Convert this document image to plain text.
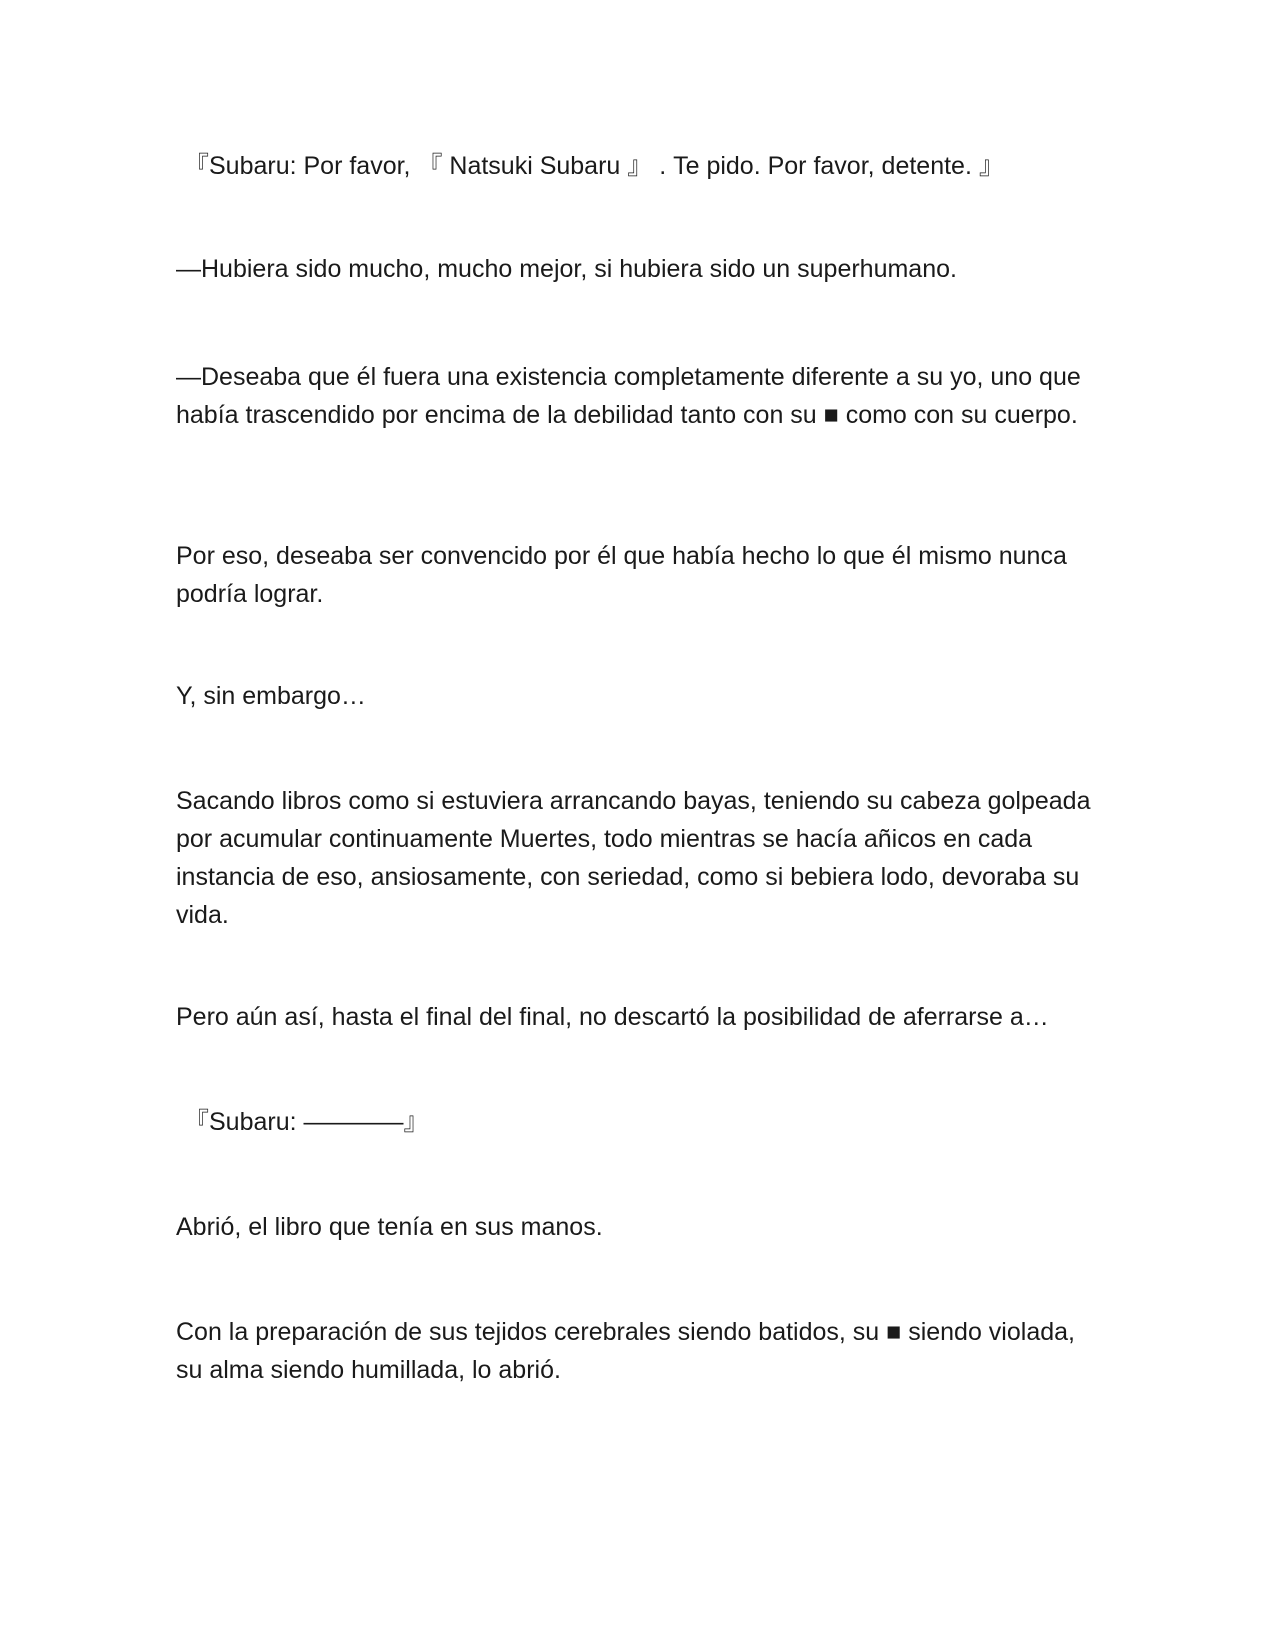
『Subaru: Por favor, 『 Natsuki Subaru 』 . Te pido. Por favor, detente. 』

—Hubiera sido mucho, mucho mejor, si hubiera sido un superhumano.

—Deseaba que él fuera una existencia completamente diferente a su yo, uno que había trascendido por encima de la debilidad tanto con su ■ como con su cuerpo.

Por eso, deseaba ser convencido por él que había hecho lo que él mismo nunca podría lograr.

Y, sin embargo…

Sacando libros como si estuviera arrancando bayas, teniendo su cabeza golpeada por acumular continuamente Muertes, todo mientras se hacía añicos en cada instancia de eso, ansiosamente, con seriedad, como si bebiera lodo, devoraba su vida.

Pero aún así, hasta el final del final, no descartó la posibilidad de aferrarse a…

『Subaru: ————』

Abrió, el libro que tenía en sus manos.

Con la preparación de sus tejidos cerebrales siendo batidos, su ■ siendo violada, su alma siendo humillada, lo abrió.
